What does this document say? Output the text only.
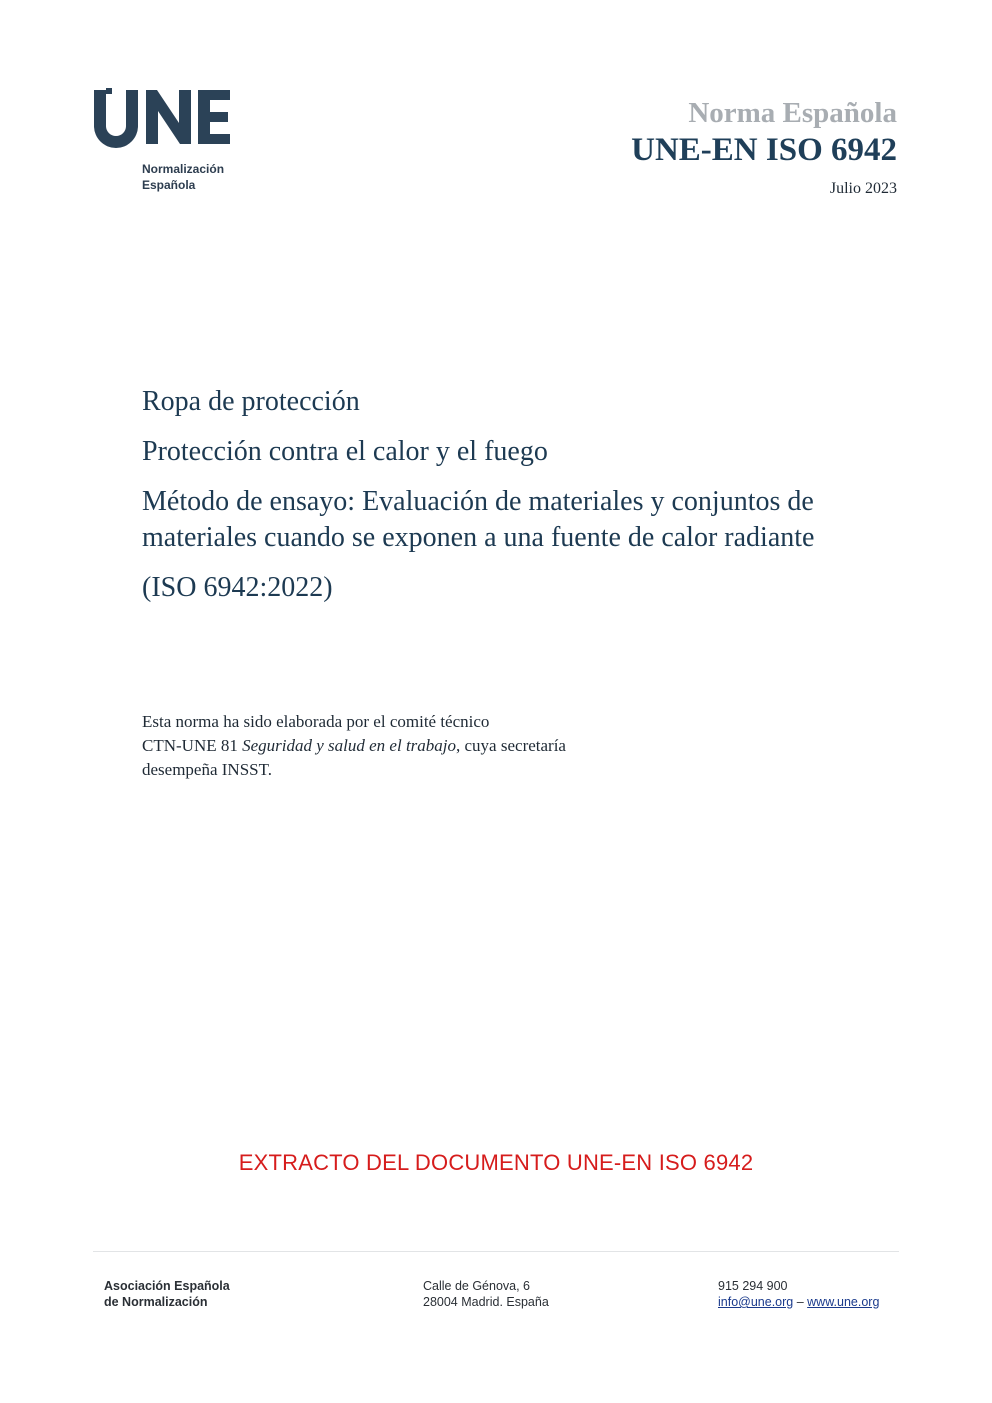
Normalización
Española
Norma Española
UNE-EN ISO 6942
Julio 2023

Ropa de protección

Protección contra el calor y el fuego

Método de ensayo: Evaluación de materiales y conjuntos de materiales cuando se exponen a una fuente de calor radiante

(ISO 6942:2022)

Esta norma ha sido elaborada por el comité técnico
CTN-UNE 81 Seguridad y salud en el trabajo, cuya secretaría
desempeña INSST.
EXTRACTO DEL DOCUMENTO UNE-EN ISO 6942
Asociación Española
de Normalización
Calle de Génova, 6
28004 Madrid. España
915 294 900
info@une.org – www.une.org
